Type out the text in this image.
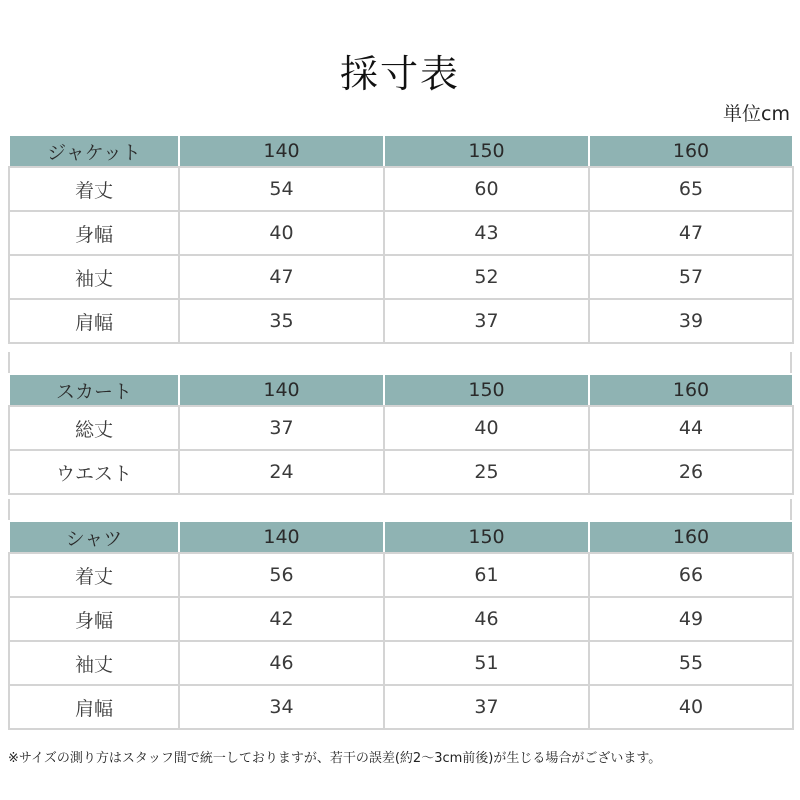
採寸表
単位cm
ジャケット	140	150	160
着丈	54	60	65
身幅	40	43	47
袖丈	47	52	57
肩幅	35	37	39
スカート	140	150	160
総丈	37	40	44
ウエスト	24	25	26
シャツ	140	150	160
着丈	56	61	66
身幅	42	46	49
袖丈	46	51	55
肩幅	34	37	40
※サイズの測り方はスタッフ間で統一しておりますが、若干の誤差(約2〜3cm前後)が生じる場合がございます。
